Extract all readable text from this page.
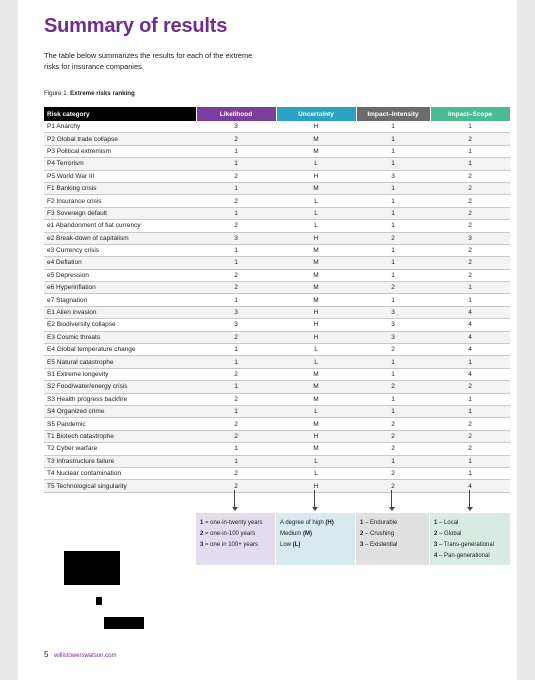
Summary of results
The table below summarizes the results for each of the extreme risks for insurance companies.
Figure 1. Extreme risks ranking
Risk category	Likelihood	Uncertainty	Impact–Intensity	Impact–Scope
P1 Anarchy	3	H	1	1
P2 Global trade collapse	2	M	1	2
P3 Political extremism	1	M	1	1
P4 Terrorism	1	L	1	1
P5 World War III	2	H	3	2
F1 Banking crisis	1	M	1	2
F2 Insurance crisis	2	L	1	2
F3 Sovereign default	1	L	1	2
e1 Abandonment of fiat currency	2	L	1	2
e2 Break-down of capitalism	3	H	2	3
e3 Currency crisis	1	M	1	2
e4 Deflation	1	M	1	2
e5 Depression	2	M	1	2
e6 Hyperinflation	2	M	2	1
e7 Stagnation	1	M	1	1
E1 Alien invasion	3	H	3	4
E2 Biodiversity collapse	3	H	3	4
E3 Cosmic threats	2	H	3	4
E4 Global temperature change	1	L	2	4
E5 Natural catastrophe	1	L	1	1
S1 Extreme longevity	2	M	1	4
S2 Food/water/energy crisis	1	M	2	2
S3 Health progress backfire	2	M	1	1
S4 Organized crime	1	L	1	1
S5 Pandemic	2	M	2	2
T1 Biotech catastrophe	2	H	2	2
T2 Cyber warfare	1	M	2	2
T3 Infrastructure failure	1	L	1	1
T4 Nuclear contamination	2	L	2	1
T5 Technological singularity	2	H	2	4
1 = one-in-twenty years
2 = one-in-100 years
3 = one in 100+ years
A degree of high (H)
Medium (M)
Low (L)
1 – Endurable
2 – Crushing
3 – Existential
1 – Local
2 – Global
3 – Trans-generational
4 – Pan-generational
5 willistowerswatson.com
